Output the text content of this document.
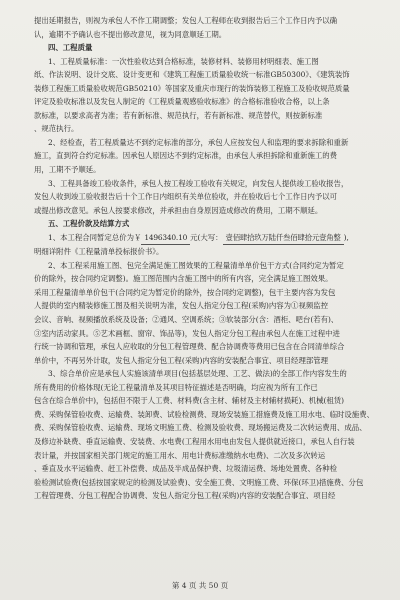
提出延期报告，则视为承包人不作工期调整；发包人工程师在收到报告后三个工作日内予以确
认，逾期不予确认也不提出修改意见，视为同意顺延工期。
四、工程质量
1、工程质量标准：一次性验收达到合格标准，装修材料、装修用材明细表、施工图
纸、作法说明、设计交底、设计变更和《建筑工程施工质量验收统一标准GB50300》、《建筑装饰
装修工程施工质量验收规范GB50210》等国家及重庆市现行的装饰装修工程施工及验收规范质量
评定及验收标准以及发包人制定的《工程质量观感验收标准》的合格标准验收合格，以上条
款标准，以要求高者为准；若有新标准、规范执行，若有新标准、规范替代，则按新标准
、规范执行。
2、经检查，若工程质量达不到约定标准的部分，承包人应按发包人和监理的要求拆除和重新
施工，直到符合约定标准。因承包人原因达不到约定标准，由承包人承担拆除和重新施工的费
用，工期不予顺延。
3、工程具备竣工验收条件，承包人按工程竣工验收有关规定，向发包人提供竣工验收报告，
发包人收到竣工验收报告后十个工作日内组织有关单位验收，并在验收后七个工作日内予以可
或提出修改意见。承包人按要求修改，并承担由自身原因造成修改的费用，工期不顺延。
五、工程价款及结算方式
1、本工程合同暂定总价为￥ 1496340.10 元(大写： 壹佰肆拾玖万陆仟叁佰肆拾元壹角整 ),
明细详附件《工程量清单投标报价书》。
2、本工程采用施工图、包完全满足施工图效果的工程量清单单价包干方式(合同约定为暂定
价的除外，按合同约定调整)。施工图范围内含施工图中的所有内容，完全满足施工图效果。
采用工程量清单单价包干(合同约定为暂定价的除外，按合同约定调整)，包干主要内容为发包
人提供的室内精装修施工图及相关说明为准，发包人指定分包工程(采购)内容为①视频监控
会议、音响、视频播放系统及设备；②通风、空调系统；③软装部分(含：酒柜、吧台(若有)、
③室内活动家具。⑤艺术画框、窗帘、饰品等)，发包人指定分包工程由承包人在施工过程中进
行统一协调和管理，承包人应收取的分包工程管理费、配合协调费等费用已包含在合同清单综合
单价中，不再另外计取，发包人指定分包工程(采购)内容的安装配合事宜、项目经理部管理
3、综合单价应是承包人实施该清单项目(包括基层处理、工艺、做法)的全部工作内容发生的
所有费用的价格体现(无论工程量清单及其项目特征描述是否明确，均应视为所有工作已
包含在综合单价中)，包括但不限于人工费、材料费(含主材、辅材及主材辅材损耗)、机械(租赁)
费、采购保管验收费、运输费、装卸费、试验检测费、现场安装施工措施费及施工用水电、临时设施费、
费、采购保管验收费、运输费、现场文明施工费、检测及验收费、现场搬运费及二次转运费用、成品、
及修边补缺费、垂直运输费、安装费、水电费(工程用水用电由发包人提供就近接口，承包人自行装
表计量，并按国家相关部门规定的施工用水、用电计费标准缴纳水电费)、二次及多次转运
、垂直及水平运输费、赶工补偿费、成品及半成品保护费、垃圾清运费、场地处置费、各种检
验检测试验费(包括按国家规定的检测及试验费)、安全施工费、文明施工费、环保(环卫)措施费、分包
工程管理费、分包工程配合协调费、发包人指定分包工程(采购)内容的安装配合事宜、项目经
第 4 页 共 50 页
